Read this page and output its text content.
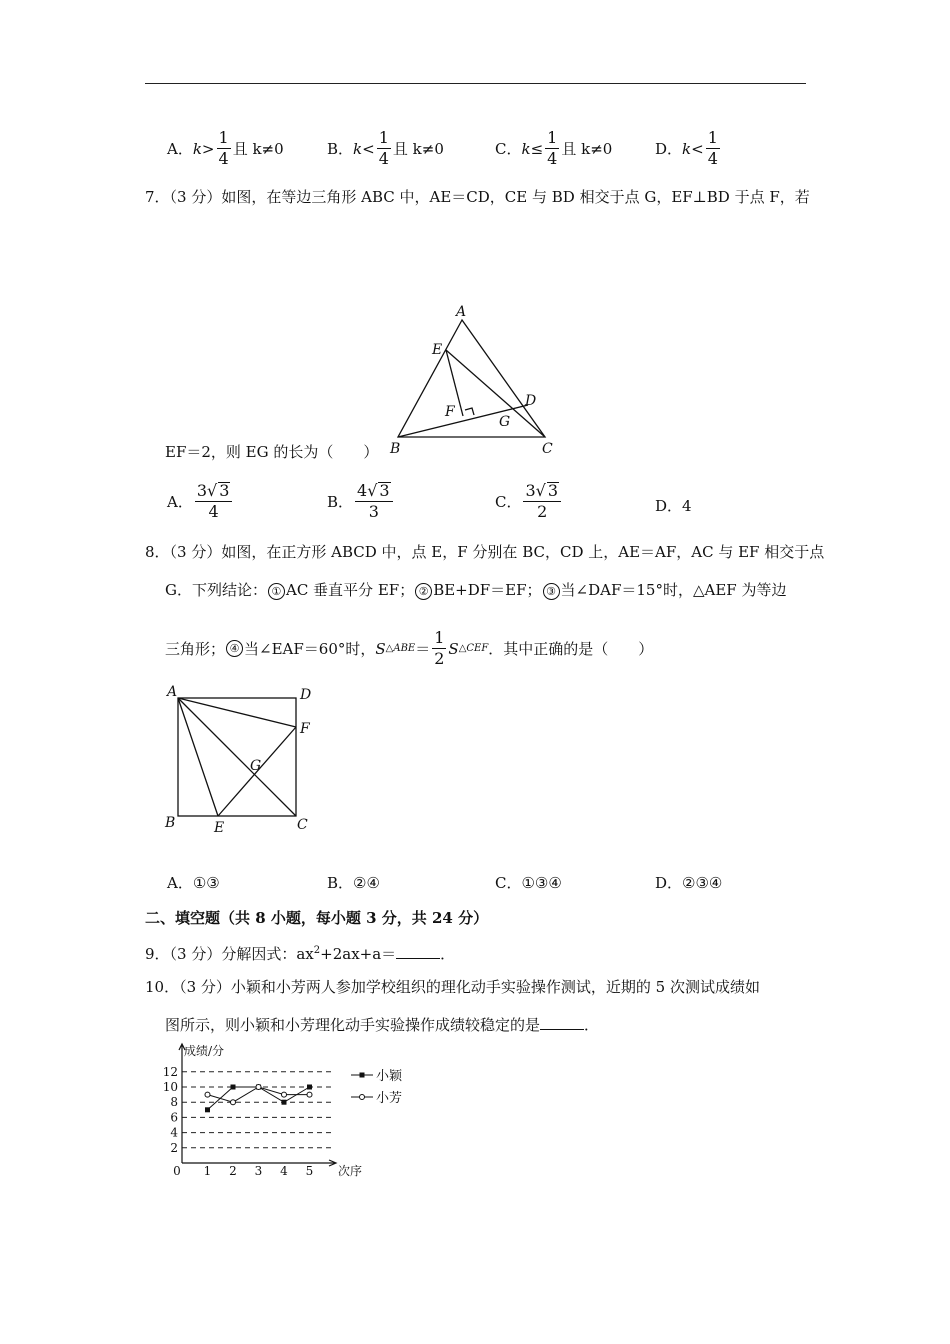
A． $k> \frac{1}{4}$ 且 k≠0	B． $k< \frac{1}{4}$ 且 k≠0	C． $k\le \frac{1}{4}$ 且 k≠0	D． $k< \frac{1}{4}$
7．（3 分）如图，在等边三角形 ABC 中，AE＝CD，CE 与 BD 相交于点 G，EF⊥BD 于点 F，若
A
E
D
F
G
B	C
EF＝2，则 EG 的长为（　　）
A． $\frac{3√ 3}{4}$	B． $\frac{4√ 3}{3}$	C． $\frac{3√ 3}{2}$	D． 4
8．（3 分）如图，在正方形 ABCD 中，点 E，F 分别在 BC，CD 上，AE＝AF，AC 与 EF 相交于点
G．下列结论： ① AC 垂直平分 EF； ② BE+DF＝EF； ③ 当∠DAF＝15°时，△AEF 为等边
三角形； ④ 当∠EAF＝60°时， S △ABE ＝ $\frac{1}{2}$ S △CEF ．其中正确的是（　　）
A	D
F
G
B	E	C
A． ①③	B． ②④	C． ①③④	D． ②③④
二、填空题（共 8 小题，每小题 3 分，共 24 分）
9．（3 分）分解因式：$ax^2+2ax+a=$	．
10．（3 分）小颖和小芳两人参加学校组织的理化动手实验操作测试，近期的 5 次测试成绩如
图所示，则小颖和小芳理化动手实验操作成绩较稳定的是	．
2
4
6
8
10
12
0 1 2 3 4 5
成绩/分
次序
小颖
小芳
